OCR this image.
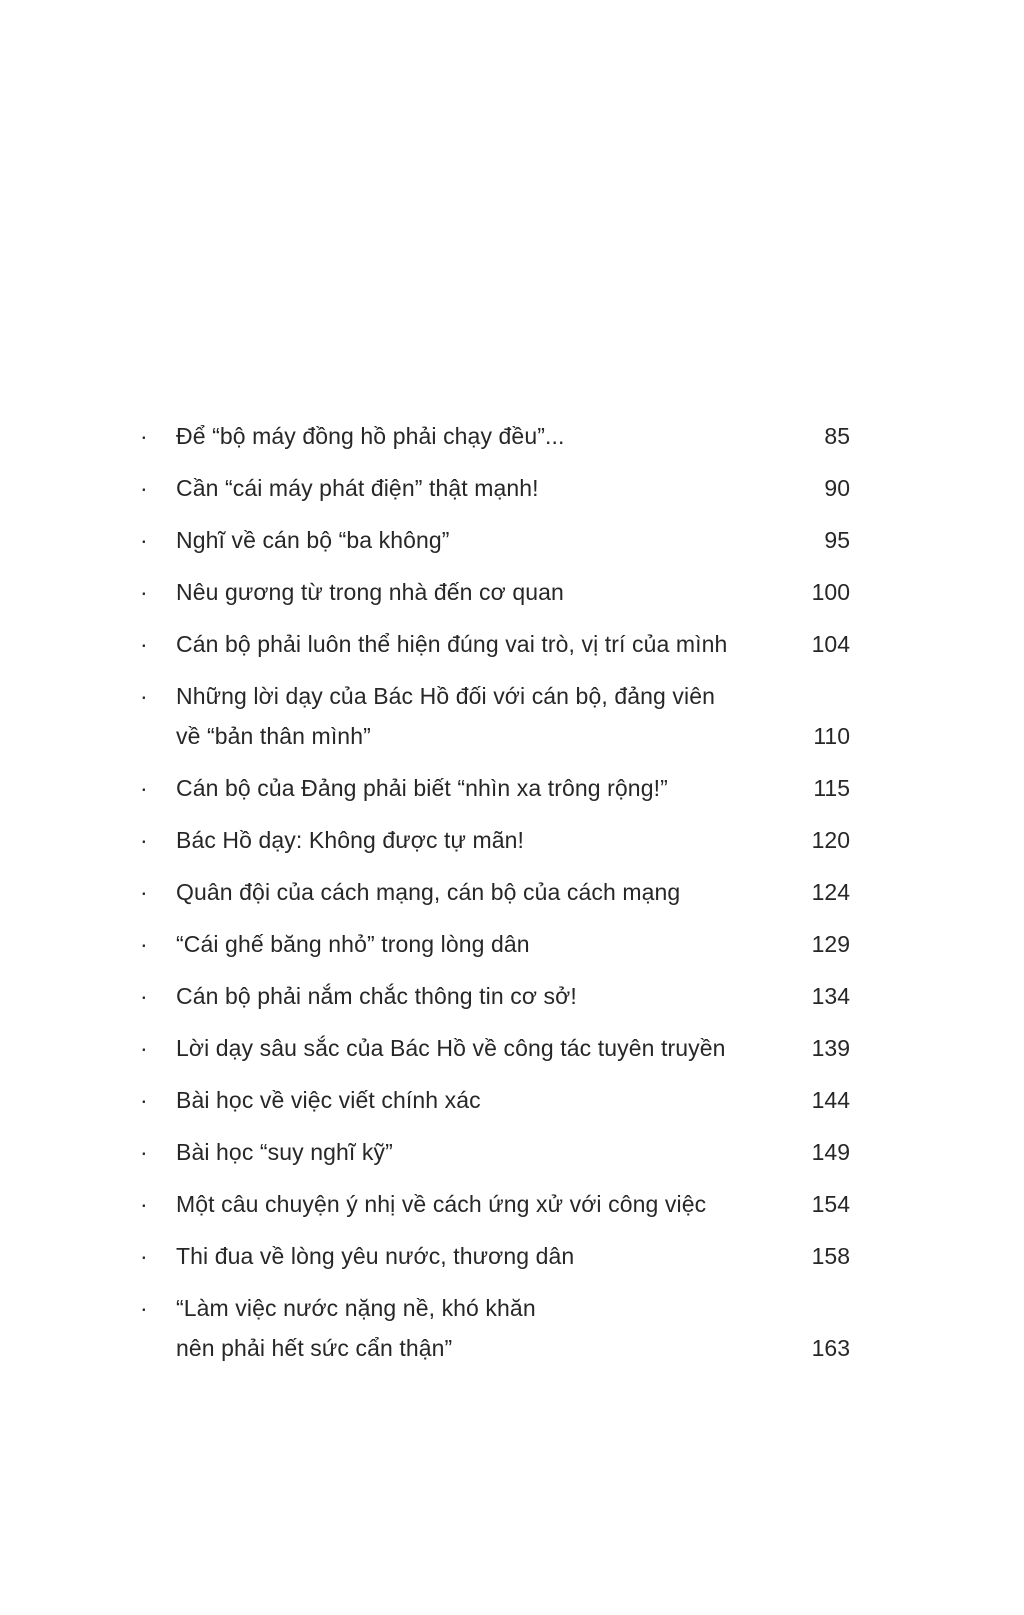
·	Để “bộ máy đồng hồ phải chạy đều”...	85
·	Cần “cái máy phát điện” thật mạnh!	90
·	Nghĩ về cán bộ “ba không”	95
·	Nêu gương từ trong nhà đến cơ quan	100
·	Cán bộ phải luôn thể hiện đúng vai trò, vị trí của mình	104
·	Những lời dạy của Bác Hồ đối với cán bộ, đảng viên
về “bản thân mình”	110
·	Cán bộ của Đảng phải biết “nhìn xa trông rộng!”	115
·	Bác Hồ dạy: Không được tự mãn!	120
·	Quân đội của cách mạng, cán bộ của cách mạng	124
·	“Cái ghế băng nhỏ” trong lòng dân	129
·	Cán bộ phải nắm chắc thông tin cơ sở!	134
·	Lời dạy sâu sắc của Bác Hồ về công tác tuyên truyền	139
·	Bài học về việc viết chính xác	144
·	Bài học “suy nghĩ kỹ”	149
·	Một câu chuyện ý nhị về cách ứng xử với công việc	154
·	Thi đua về lòng yêu nước, thương dân	158
·	“Làm việc nước nặng nề, khó khăn
nên phải hết sức cẩn thận”	163
